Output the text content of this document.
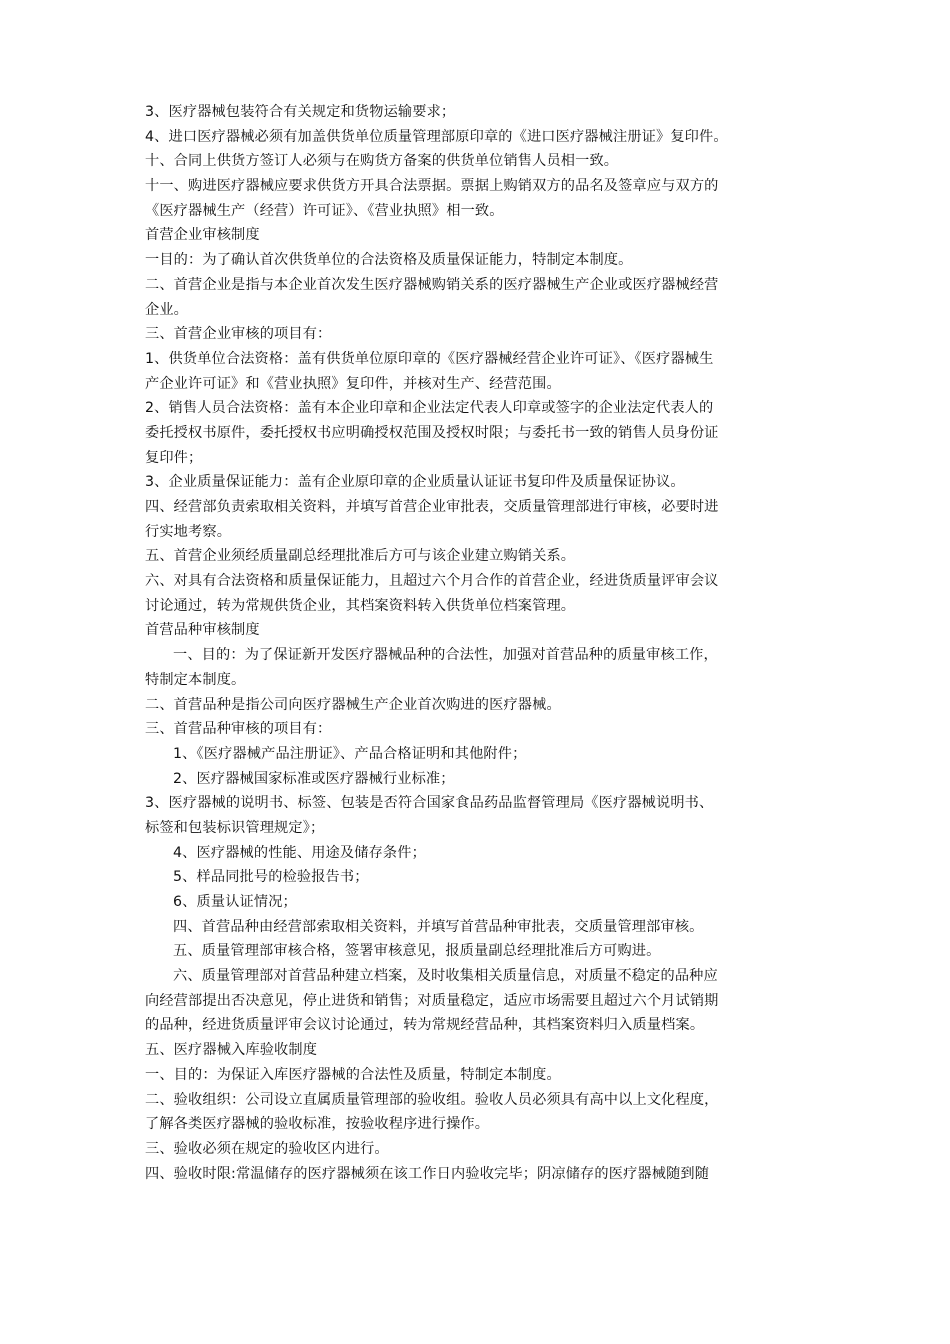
3、医疗器械包装符合有关规定和货物运输要求；
4、进口医疗器械必须有加盖供货单位质量管理部原印章的《进口医疗器械注册证》复印件。
十、合同上供货方签订人必须与在购货方备案的供货单位销售人员相一致。
十一、购进医疗器械应要求供货方开具合法票据。票据上购销双方的品名及签章应与双方的
《医疗器械生产（经营）许可证》、《营业执照》相一致。
首营企业审核制度
一目的：为了确认首次供货单位的合法资格及质量保证能力，特制定本制度。
二、首营企业是指与本企业首次发生医疗器械购销关系的医疗器械生产企业或医疗器械经营
企业。
三、首营企业审核的项目有：
1、供货单位合法资格：盖有供货单位原印章的《医疗器械经营企业许可证》、《医疗器械生
产企业许可证》和《营业执照》复印件，并核对生产、经营范围。
2、销售人员合法资格：盖有本企业印章和企业法定代表人印章或签字的企业法定代表人的
委托授权书原件，委托授权书应明确授权范围及授权时限；与委托书一致的销售人员身份证
复印件；
3、企业质量保证能力：盖有企业原印章的企业质量认证证书复印件及质量保证协议。
四、经营部负责索取相关资料，并填写首营企业审批表，交质量管理部进行审核，必要时进
行实地考察。
五、首营企业须经质量副总经理批准后方可与该企业建立购销关系。
六、对具有合法资格和质量保证能力，且超过六个月合作的首营企业，经进货质量评审会议
讨论通过，转为常规供货企业，其档案资料转入供货单位档案管理。
首营品种审核制度
一、目的：为了保证新开发医疗器械品种的合法性，加强对首营品种的质量审核工作，
特制定本制度。
二、首营品种是指公司向医疗器械生产企业首次购进的医疗器械。
三、首营品种审核的项目有：
1、《医疗器械产品注册证》、产品合格证明和其他附件；
2、医疗器械国家标准或医疗器械行业标准；
3、医疗器械的说明书、标签、包装是否符合国家食品药品监督管理局《医疗器械说明书、
标签和包装标识管理规定》；
4、医疗器械的性能、用途及储存条件；
5、样品同批号的检验报告书；
6、质量认证情况；
四、首营品种由经营部索取相关资料，并填写首营品种审批表，交质量管理部审核。
五、质量管理部审核合格，签署审核意见，报质量副总经理批准后方可购进。
六、质量管理部对首营品种建立档案，及时收集相关质量信息，对质量不稳定的品种应
向经营部提出否决意见，停止进货和销售；对质量稳定，适应市场需要且超过六个月试销期
的品种，经进货质量评审会议讨论通过，转为常规经营品种，其档案资料归入质量档案。
五、医疗器械入库验收制度
一、目的：为保证入库医疗器械的合法性及质量，特制定本制度。
二、验收组织：公司设立直属质量管理部的验收组。验收人员必须具有高中以上文化程度，
了解各类医疗器械的验收标准，按验收程序进行操作。
三、验收必须在规定的验收区内进行。
四、验收时限:常温储存的医疗器械须在该工作日内验收完毕；阴凉储存的医疗器械随到随
